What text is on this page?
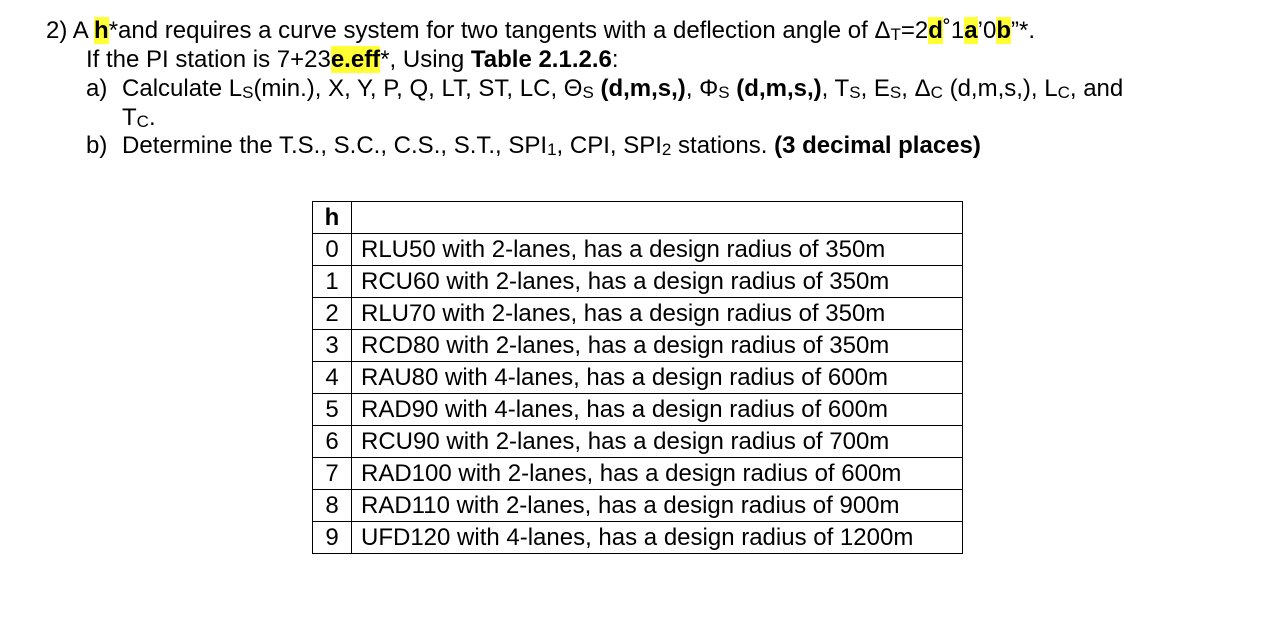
2) A h*and requires a curve system for two tangents with a deflection angle of $\Delta_T=2d˚1a’0b”*$.
If the PI station is 7+23e.eff*, Using Table 2.1.2.6:
a) Calculate $L_S(\min.)$, X, Y, P, Q, LT, ST, LC, $\Theta_S$ (d,m,s,), $\Phi_S$ (d,m,s,), $T_S$, $E_S$, $\Delta_C$ (d,m,s,), $L_C$, and
$T_C$.
b) Determine the T.S., S.C., C.S., S.T., $SPI_1$, CPI, $SPI_2$ stations. (3 decimal places)
h	
0	RLU50 with 2-lanes, has a design radius of 350m
1	RCU60 with 2-lanes, has a design radius of 350m
2	RLU70 with 2-lanes, has a design radius of 350m
3	RCD80 with 2-lanes, has a design radius of 350m
4	RAU80 with 4-lanes, has a design radius of 600m
5	RAD90 with 4-lanes, has a design radius of 600m
6	RCU90 with 2-lanes, has a design radius of 700m
7	RAD100 with 2-lanes, has a design radius of 600m
8	RAD110 with 2-lanes, has a design radius of 900m
9	UFD120 with 4-lanes, has a design radius of 1200m
